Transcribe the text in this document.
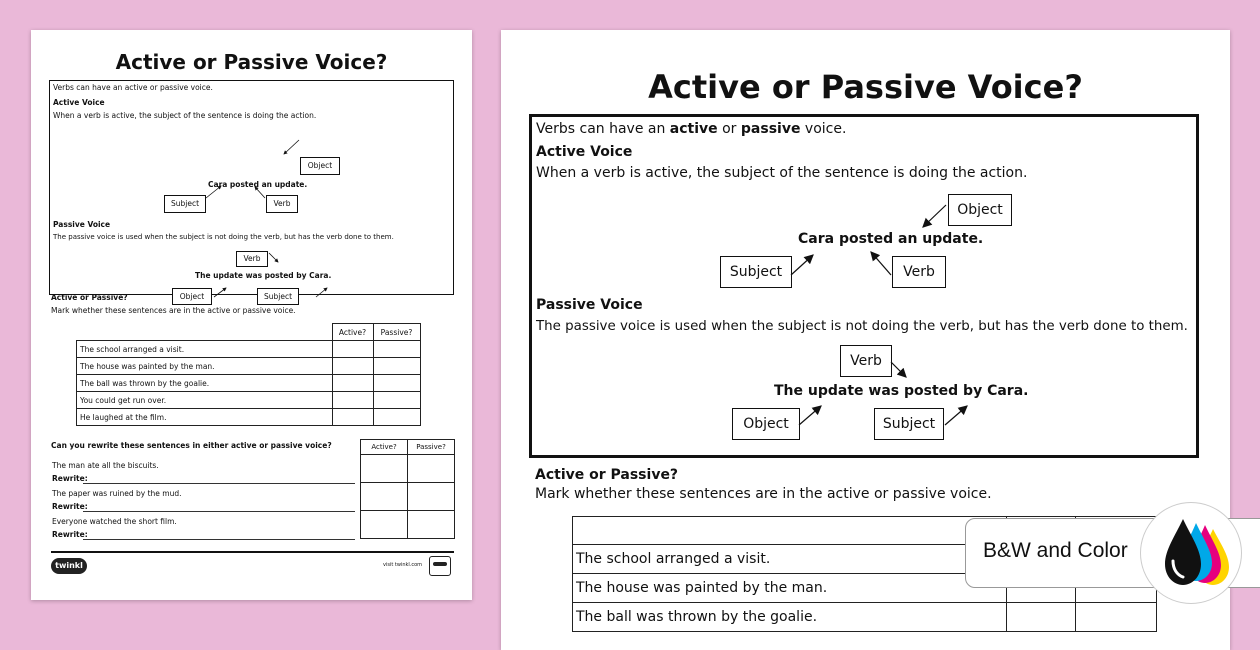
Active or Passive Voice?
Verbs can have an active or passive voice.
Active Voice
When a verb is active, the subject of the sentence is doing the action.
Object
Cara posted an update.
Subject	Verb
Passive Voice
The passive voice is used when the subject is not doing the verb, but has the verb done to them.
Verb
The update was posted by Cara.
Object	Subject
Active or Passive?
Mark whether these sentences are in the active or passive voice.
	Active?	Passive?
The school arranged a visit.		
The house was painted by the man.		
The ball was thrown by the goalie.		
You could get run over.		
He laughed at the film.		
Can you rewrite these sentences in either active or passive voice?	Active?	Passive?

The man ate all the biscuits.
Rewrite:
The paper was ruined by the mud.
Rewrite:
Everyone watched the short film.
Rewrite:
twinkl	visit twinkl.com
Active or Passive Voice?
Verbs can have an active or passive voice.
Active Voice
When a verb is active, the subject of the sentence is doing the action.
Object
Cara posted an update.
Subject	Verb
Passive Voice
The passive voice is used when the subject is not doing the verb, but has the verb done to them.
Verb
The update was posted by Cara.
Object	Subject
Active or Passive?
Mark whether these sentences are in the active or passive voice.

The school arranged a visit.		
The house was painted by the man.		
The ball was thrown by the goalie.		
B&W and Color
